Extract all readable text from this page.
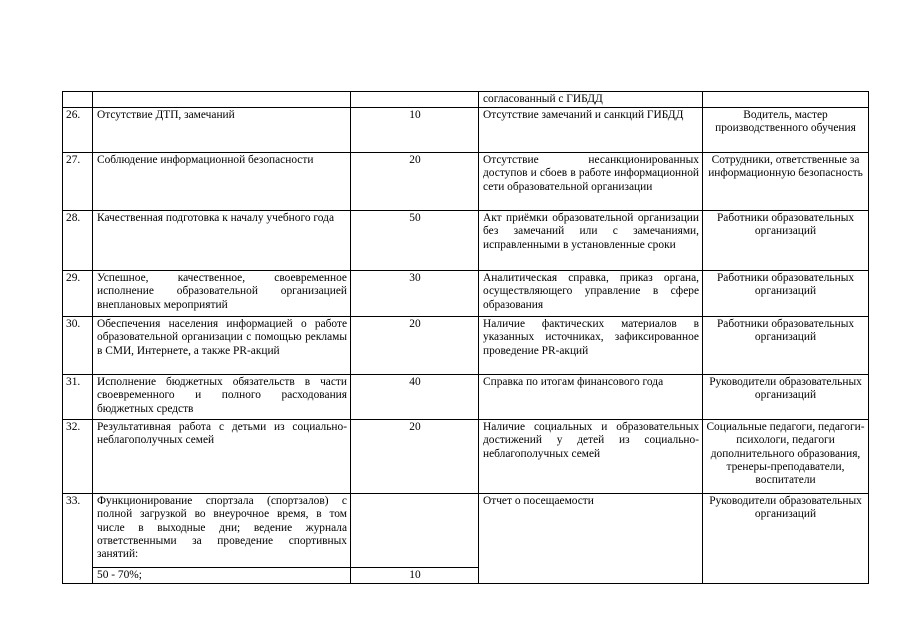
			согласованный с ГИБДД	
26.	Отсутствие ДТП, замечаний	10	Отсутствие замечаний и санкций ГИБДД	Водитель, мастер производственного обучения
27.	Соблюдение информационной безопасности	20	Отсутствие несанкционированных доступов и сбоев в работе информационной сети образовательной организации	Сотрудники, ответственные за информационную безопасность
28.	Качественная подготовка к началу учебного года	50	Акт приёмки образовательной организации без замечаний или с замечаниями, исправленными в установленные сроки	Работники образовательных организаций
29.	Успешное, качественное, своевременное исполнение образовательной организацией внеплановых мероприятий	30	Аналитическая справка, приказ органа, осуществляющего управление в сфере образования	Работники образовательных организаций
30.	Обеспечения населения информацией о работе образовательной организации с помощью рекламы в СМИ, Интернете, а также PR-акций	20	Наличие фактических материалов в указанных источниках, зафиксированное проведение PR-акций	Работники образовательных организаций
31.	Исполнение бюджетных обязательств в части своевременного и полного расходования бюджетных средств	40	Справка по итогам финансового года	Руководители образовательных организаций
32.	Результативная работа с детьми из социально-неблагополучных семей	20	Наличие социальных и образовательных достижений у детей из социально-неблагополучных семей	Социальные педагоги, педагоги-психологи, педагоги дополнительного образования, тренеры-преподаватели, воспитатели
33.	Функционирование спортзала (спортзалов) с полной загрузкой во внеурочное время, в том числе в выходные дни; ведение журнала ответственными за проведение спортивных занятий:		Отчет о посещаемости	Руководители образовательных организаций
	50 - 70%;	10		
